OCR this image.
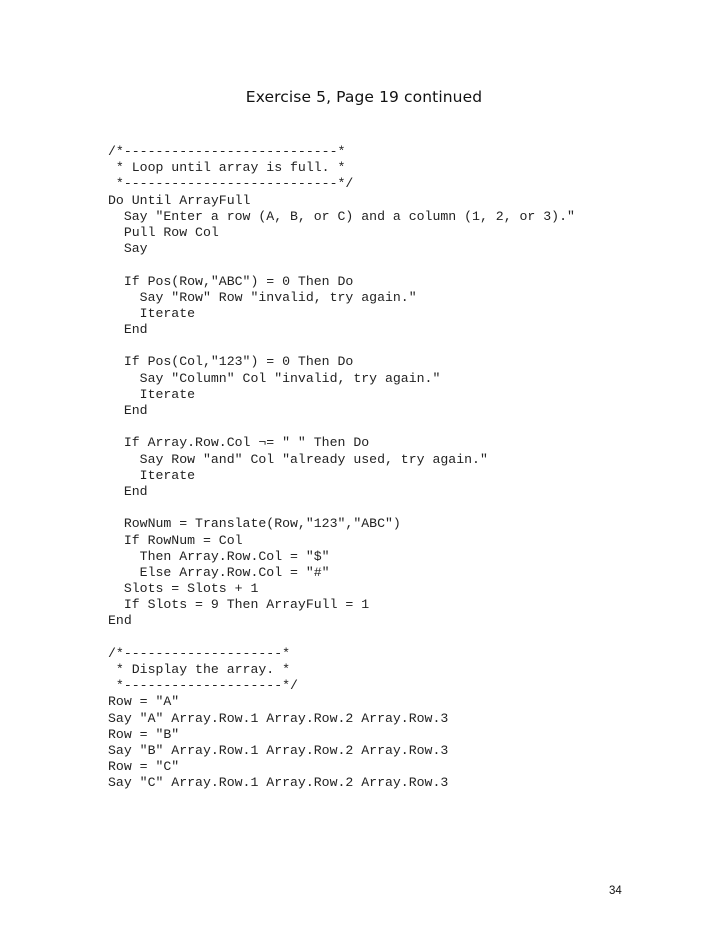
Exercise 5, Page 19 continued
/*---------------------------*
* Loop until array is full. *
*---------------------------*/
Do Until ArrayFull
Say "Enter a row (A, B, or C) and a column (1, 2, or 3)."
Pull Row Col
Say
If Pos(Row,"ABC") = 0 Then Do
Say "Row" Row "invalid, try again."
Iterate
End
If Pos(Col,"123") = 0 Then Do
Say "Column" Col "invalid, try again."
Iterate
End
If Array.Row.Col ¬= " " Then Do
Say Row "and" Col "already used, try again."
Iterate
End
RowNum = Translate(Row,"123","ABC")
If RowNum = Col
Then Array.Row.Col = "$"
Else Array.Row.Col = "#"
Slots = Slots + 1
If Slots = 9 Then ArrayFull = 1
End
/*--------------------*
* Display the array. *
*--------------------*/
Row = "A"
Say "A" Array.Row.1 Array.Row.2 Array.Row.3
Row = "B"
Say "B" Array.Row.1 Array.Row.2 Array.Row.3
Row = "C"
Say "C" Array.Row.1 Array.Row.2 Array.Row.3
34
